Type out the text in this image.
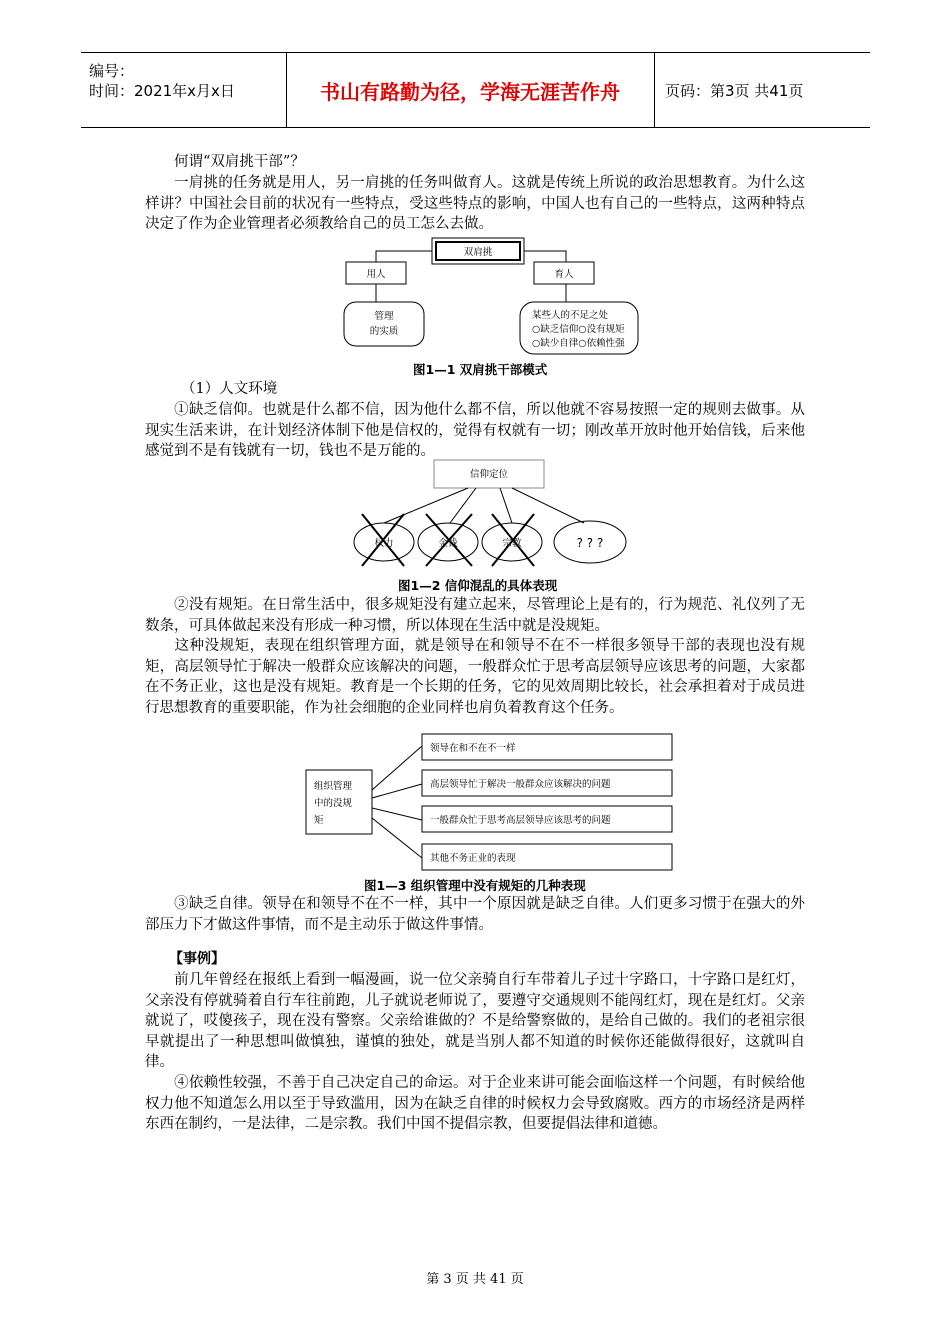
编号：
时间：2021年x月x日	书山有路勤为径，学海无涯苦作舟	页码：第3页 共41页
何谓“双肩挑干部”？
一肩挑的任务就是用人，另一肩挑的任务叫做育人。这就是传统上所说的政治思想教育。为什么这样讲？中国社会目前的状况有一些特点，受这些特点的影响，中国人也有自己的一些特点，这两种特点决定了作为企业管理者必须教给自己的员工怎么去做。
双肩挑
用人	育人
管理
的实质
某些人的不足之处
○缺乏信仰○没有规矩
○缺少自律○依赖性强
图1—1 双肩挑干部模式
（1）人文环境
①缺乏信仰。也就是什么都不信，因为他什么都不信，所以他就不容易按照一定的规则去做事。从现实生活来讲，在计划经济体制下他是信权的，觉得有权就有一切；刚改革开放时他开始信钱，后来他感觉到不是有钱就有一切，钱也不是万能的。
信仰定位
权力	金钱	宗教	? ? ?
图1—2 信仰混乱的具体表现
②没有规矩。在日常生活中，很多规矩没有建立起来，尽管理论上是有的，行为规范、礼仪列了无数条，可具体做起来没有形成一种习惯，所以体现在生活中就是没规矩。
这种没规矩，表现在组织管理方面，就是领导在和领导不在不一样很多领导干部的表现也没有规矩，高层领导忙于解决一般群众应该解决的问题，一般群众忙于思考高层领导应该思考的问题，大家都在不务正业，这也是没有规矩。教育是一个长期的任务，它的见效周期比较长，社会承担着对于成员进行思想教育的重要职能，作为社会细胞的企业同样也肩负着教育这个任务。
组织管理
中的没规
矩
领导在和不在不一样
高层领导忙于解决一般群众应该解决的问题
一般群众忙于思考高层领导应该思考的问题
其他不务正业的表现
图1—3 组织管理中没有规矩的几种表现
③缺乏自律。领导在和领导不在不一样，其中一个原因就是缺乏自律。人们更多习惯于在强大的外部压力下才做这件事情，而不是主动乐于做这件事情。
【事例】
前几年曾经在报纸上看到一幅漫画，说一位父亲骑自行车带着儿子过十字路口，十字路口是红灯，父亲没有停就骑着自行车往前跑，儿子就说老师说了，要遵守交通规则不能闯红灯，现在是红灯。父亲就说了，哎傻孩子，现在没有警察。父亲给谁做的？不是给警察做的，是给自己做的。我们的老祖宗很早就提出了一种思想叫做慎独，谨慎的独处，就是当别人都不知道的时候你还能做得很好，这就叫自律。
④依赖性较强，不善于自己决定自己的命运。对于企业来讲可能会面临这样一个问题，有时候给他权力他不知道怎么用以至于导致滥用，因为在缺乏自律的时候权力会导致腐败。西方的市场经济是两样东西在制约，一是法律，二是宗教。我们中国不提倡宗教，但要提倡法律和道德。
第 3 页 共 41 页
